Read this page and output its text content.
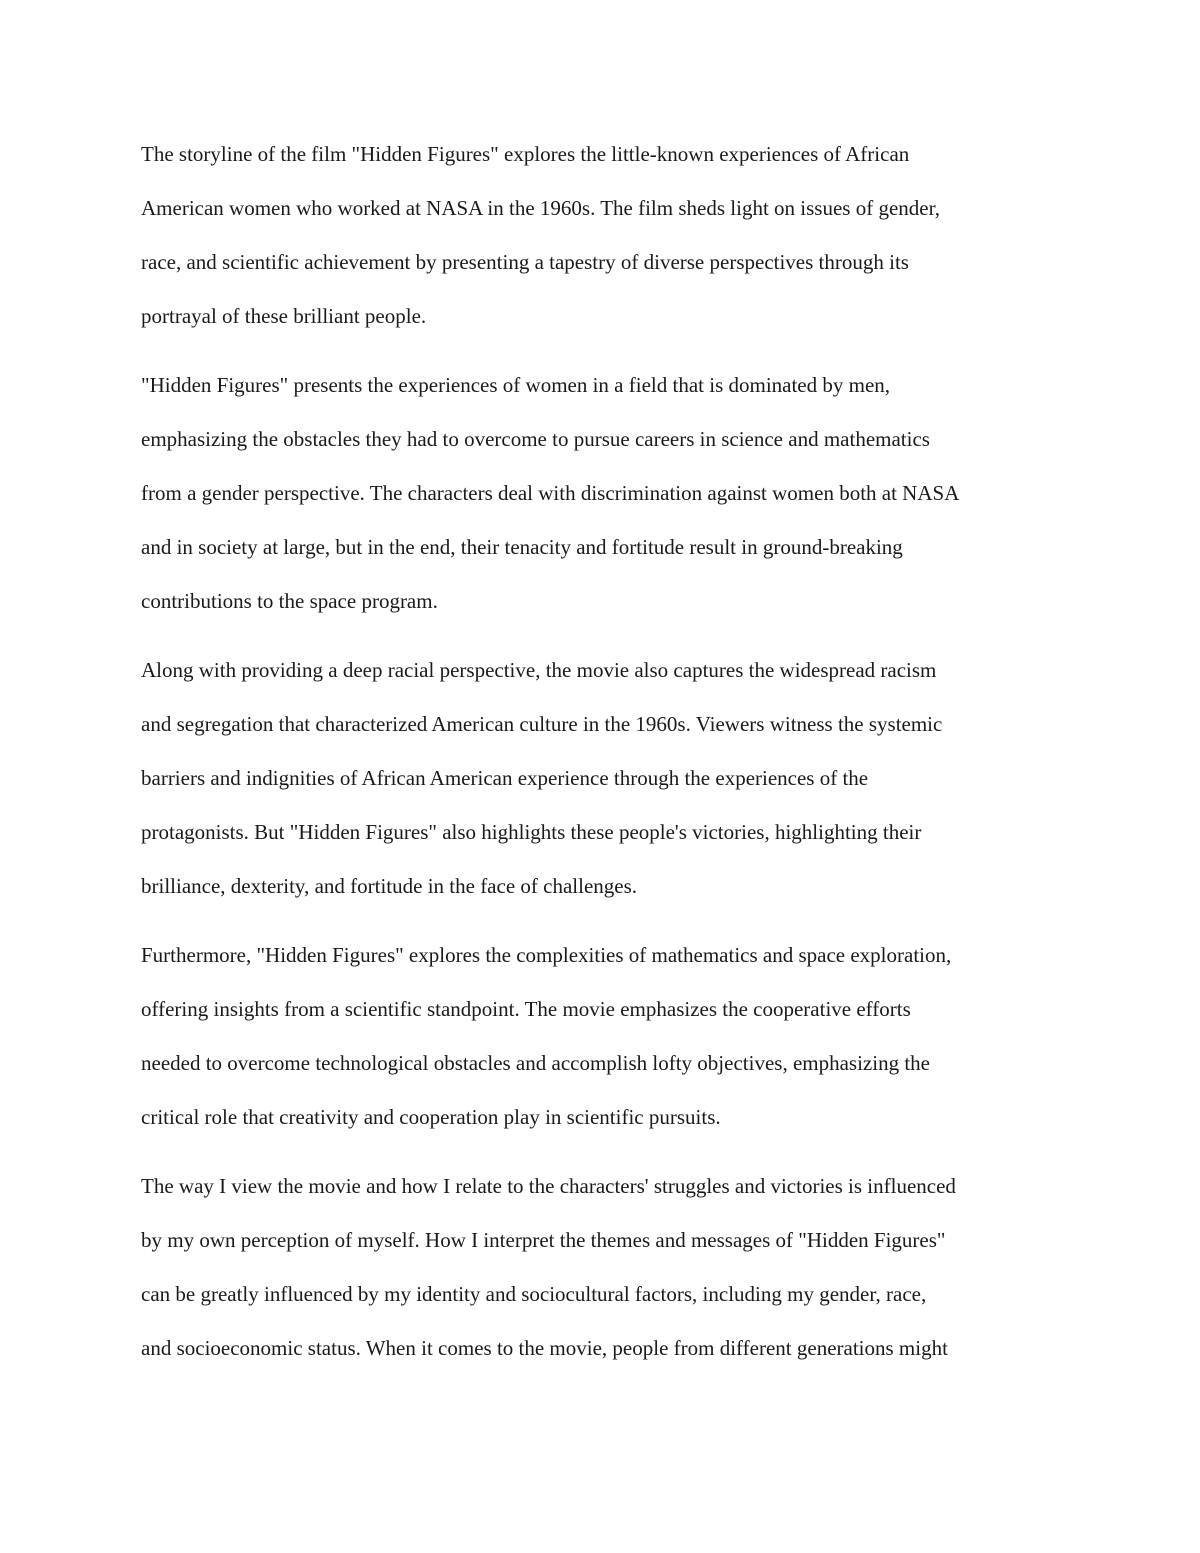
The storyline of the film "Hidden Figures" explores the little-known experiences of African
American women who worked at NASA in the 1960s. The film sheds light on issues of gender,
race, and scientific achievement by presenting a tapestry of diverse perspectives through its
portrayal of these brilliant people.

"Hidden Figures" presents the experiences of women in a field that is dominated by men,
emphasizing the obstacles they had to overcome to pursue careers in science and mathematics
from a gender perspective. The characters deal with discrimination against women both at NASA
and in society at large, but in the end, their tenacity and fortitude result in ground-breaking
contributions to the space program.

Along with providing a deep racial perspective, the movie also captures the widespread racism
and segregation that characterized American culture in the 1960s. Viewers witness the systemic
barriers and indignities of African American experience through the experiences of the
protagonists. But "Hidden Figures" also highlights these people's victories, highlighting their
brilliance, dexterity, and fortitude in the face of challenges.

Furthermore, "Hidden Figures" explores the complexities of mathematics and space exploration,
offering insights from a scientific standpoint. The movie emphasizes the cooperative efforts
needed to overcome technological obstacles and accomplish lofty objectives, emphasizing the
critical role that creativity and cooperation play in scientific pursuits.

The way I view the movie and how I relate to the characters' struggles and victories is influenced
by my own perception of myself. How I interpret the themes and messages of "Hidden Figures"
can be greatly influenced by my identity and sociocultural factors, including my gender, race,
and socioeconomic status. When it comes to the movie, people from different generations might
